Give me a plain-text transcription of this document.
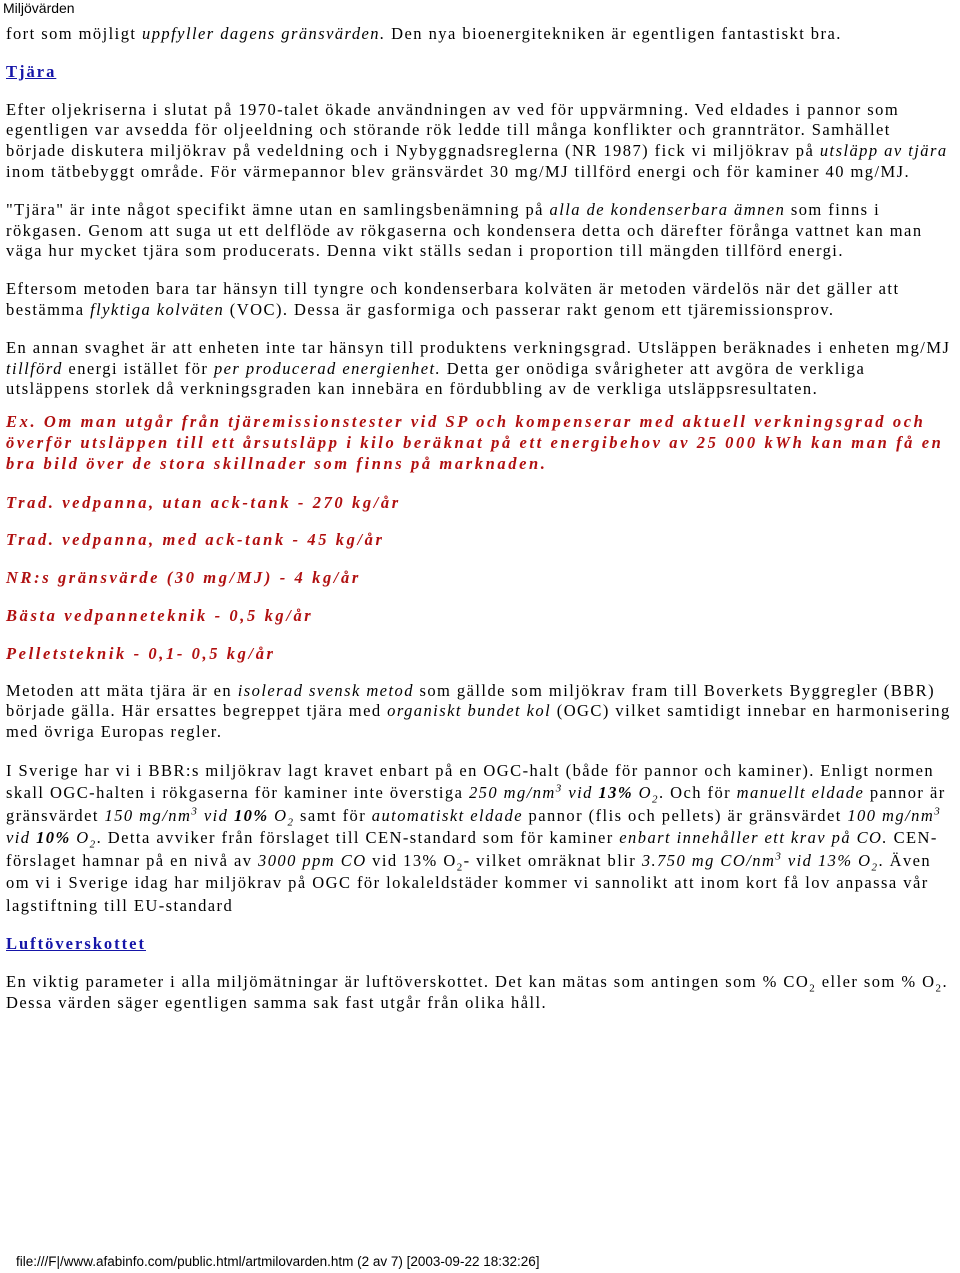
Miljövärden

fort som möjligt uppfyller dagens gränsvärden. Den nya bioenergitekniken är egentligen fantastiskt bra.

Tjära

Efter oljekriserna i slutat på 1970-talet ökade användningen av ved för uppvärmning. Ved eldades i pannor som egentligen var avsedda för oljeeldning och störande rök ledde till många konflikter och grannträtor. Samhället började diskutera miljökrav på vedeldning och i Nybyggnadsreglerna (NR 1987) fick vi miljökrav på utsläpp av tjära inom tätbebyggt område. För värmepannor blev gränsvärdet 30 mg/MJ tillförd energi och för kaminer 40 mg/MJ.

"Tjära" är inte något specifikt ämne utan en samlingsbenämning på alla de kondenserbara ämnen som finns i rökgasen. Genom att suga ut ett delflöde av rökgaserna och kondensera detta och därefter förånga vattnet kan man väga hur mycket tjära som producerats. Denna vikt ställs sedan i proportion till mängden tillförd energi.

Eftersom metoden bara tar hänsyn till tyngre och kondenserbara kolväten är metoden värdelös när det gäller att bestämma flyktiga kolväten (VOC). Dessa är gasformiga och passerar rakt genom ett tjäremissionsprov.

En annan svaghet är att enheten inte tar hänsyn till produktens verkningsgrad. Utsläppen beräknades i enheten mg/MJ tillförd energi istället för per producerad energienhet. Detta ger onödiga svårigheter att avgöra de verkliga utsläppens storlek då verkningsgraden kan innebära en fördubbling av de verkliga utsläppsresultaten.

Ex. Om man utgår från tjäremissionstester vid SP och kompenserar med aktuell verkningsgrad och överför utsläppen till ett årsutsläpp i kilo beräknat på ett energibehov av 25 000 kWh kan man få en bra bild över de stora skillnader som finns på marknaden.

Trad. vedpanna, utan ack-tank - 270 kg/år

Trad. vedpanna, med ack-tank - 45 kg/år

NR:s gränsvärde (30 mg/MJ) - 4 kg/år

Bästa vedpanneteknik - 0,5 kg/år

Pelletsteknik - 0,1- 0,5 kg/år

Metoden att mäta tjära är en isolerad svensk metod som gällde som miljökrav fram till Boverkets Byggregler (BBR) började gälla. Här ersattes begreppet tjära med organiskt bundet kol (OGC) vilket samtidigt innebar en harmonisering med övriga Europas regler.

I Sverige har vi i BBR:s miljökrav lagt kravet enbart på en OGC-halt (både för pannor och kaminer). Enligt normen skall OGC-halten i rökgaserna för kaminer inte överstiga 250 $mg/nm^3$ vid 13% $O_2$. Och för manuellt eldade pannor är gränsvärdet 150 $mg/nm^3$ vid 10% $O_2$ samt för automatiskt eldade pannor (flis och pellets) är gränsvärdet 100 $mg/nm^3$ vid 10% $O_2$. Detta avviker från förslaget till CEN-standard som för kaminer enbart innehåller ett krav på CO. CEN-förslaget hamnar på en nivå av 3000 ppm CO vid 13% $O_2-$ vilket omräknat blir 3.750 mg $CO/nm^3$ vid 13% $O_2$. Även om vi i Sverige idag har miljökrav på OGC för lokaleldstäder kommer vi sannolikt att inom kort få lov anpassa vår lagstiftning till EU-standard

Luftöverskottet

En viktig parameter i alla miljömätningar är luftöverskottet. Det kan mätas som antingen som % $CO_2$ eller som % $O_2$. Dessa värden säger egentligen samma sak fast utgår från olika håll.

file:///F|/www.afabinfo.com/public.html/artmilovarden.htm (2 av 7) [2003-09-22 18:32:26]
